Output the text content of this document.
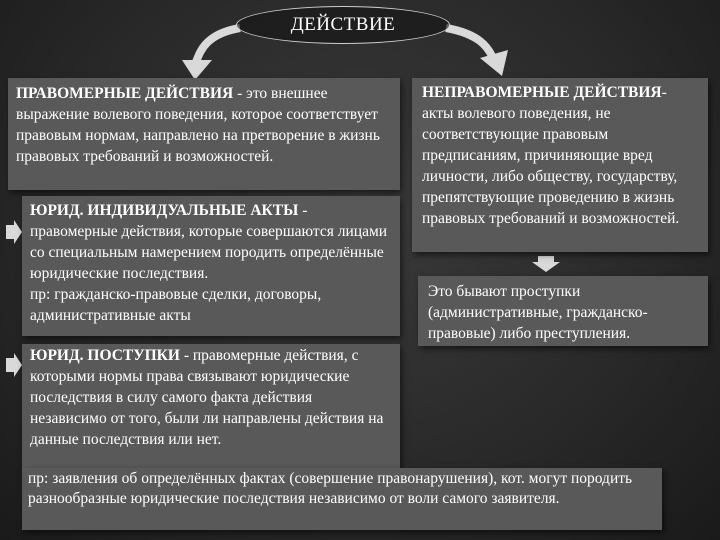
ДЕЙСТВИЕ
ПРАВОМЕРНЫЕ ДЕЙСТВИЯ - это внешнее выражение волевого поведения, которое соответствует правовым нормам, направлено на претворение в жизнь правовых требований и возможностей.
НЕПРАВОМЕРНЫЕ ДЕЙСТВИЯ- акты волевого поведения, не соответствующие правовым предписаниям, причиняющие вред личности, либо обществу, государству, препятствующие проведению в жизнь правовых требований и возможностей.
ЮРИД. ИНДИВИДУАЛЬНЫЕ АКТЫ - правомерные действия, которые совершаются лицами со специальным намерением породить определённые юридические последствия.
пр: гражданско-правовые сделки, договоры, административные акты
Это бывают проступки (административные, гражданско-правовые) либо преступления.
ЮРИД. ПОСТУПКИ - правомерные действия, с которыми нормы права связывают юридические последствия в силу самого факта действия независимо от того, были ли направлены действия на данные последствия или нет.
пр: заявления об определённых фактах (совершение правонарушения), кот. могут породить разнообразные юридические последствия независимо от воли самого заявителя.
